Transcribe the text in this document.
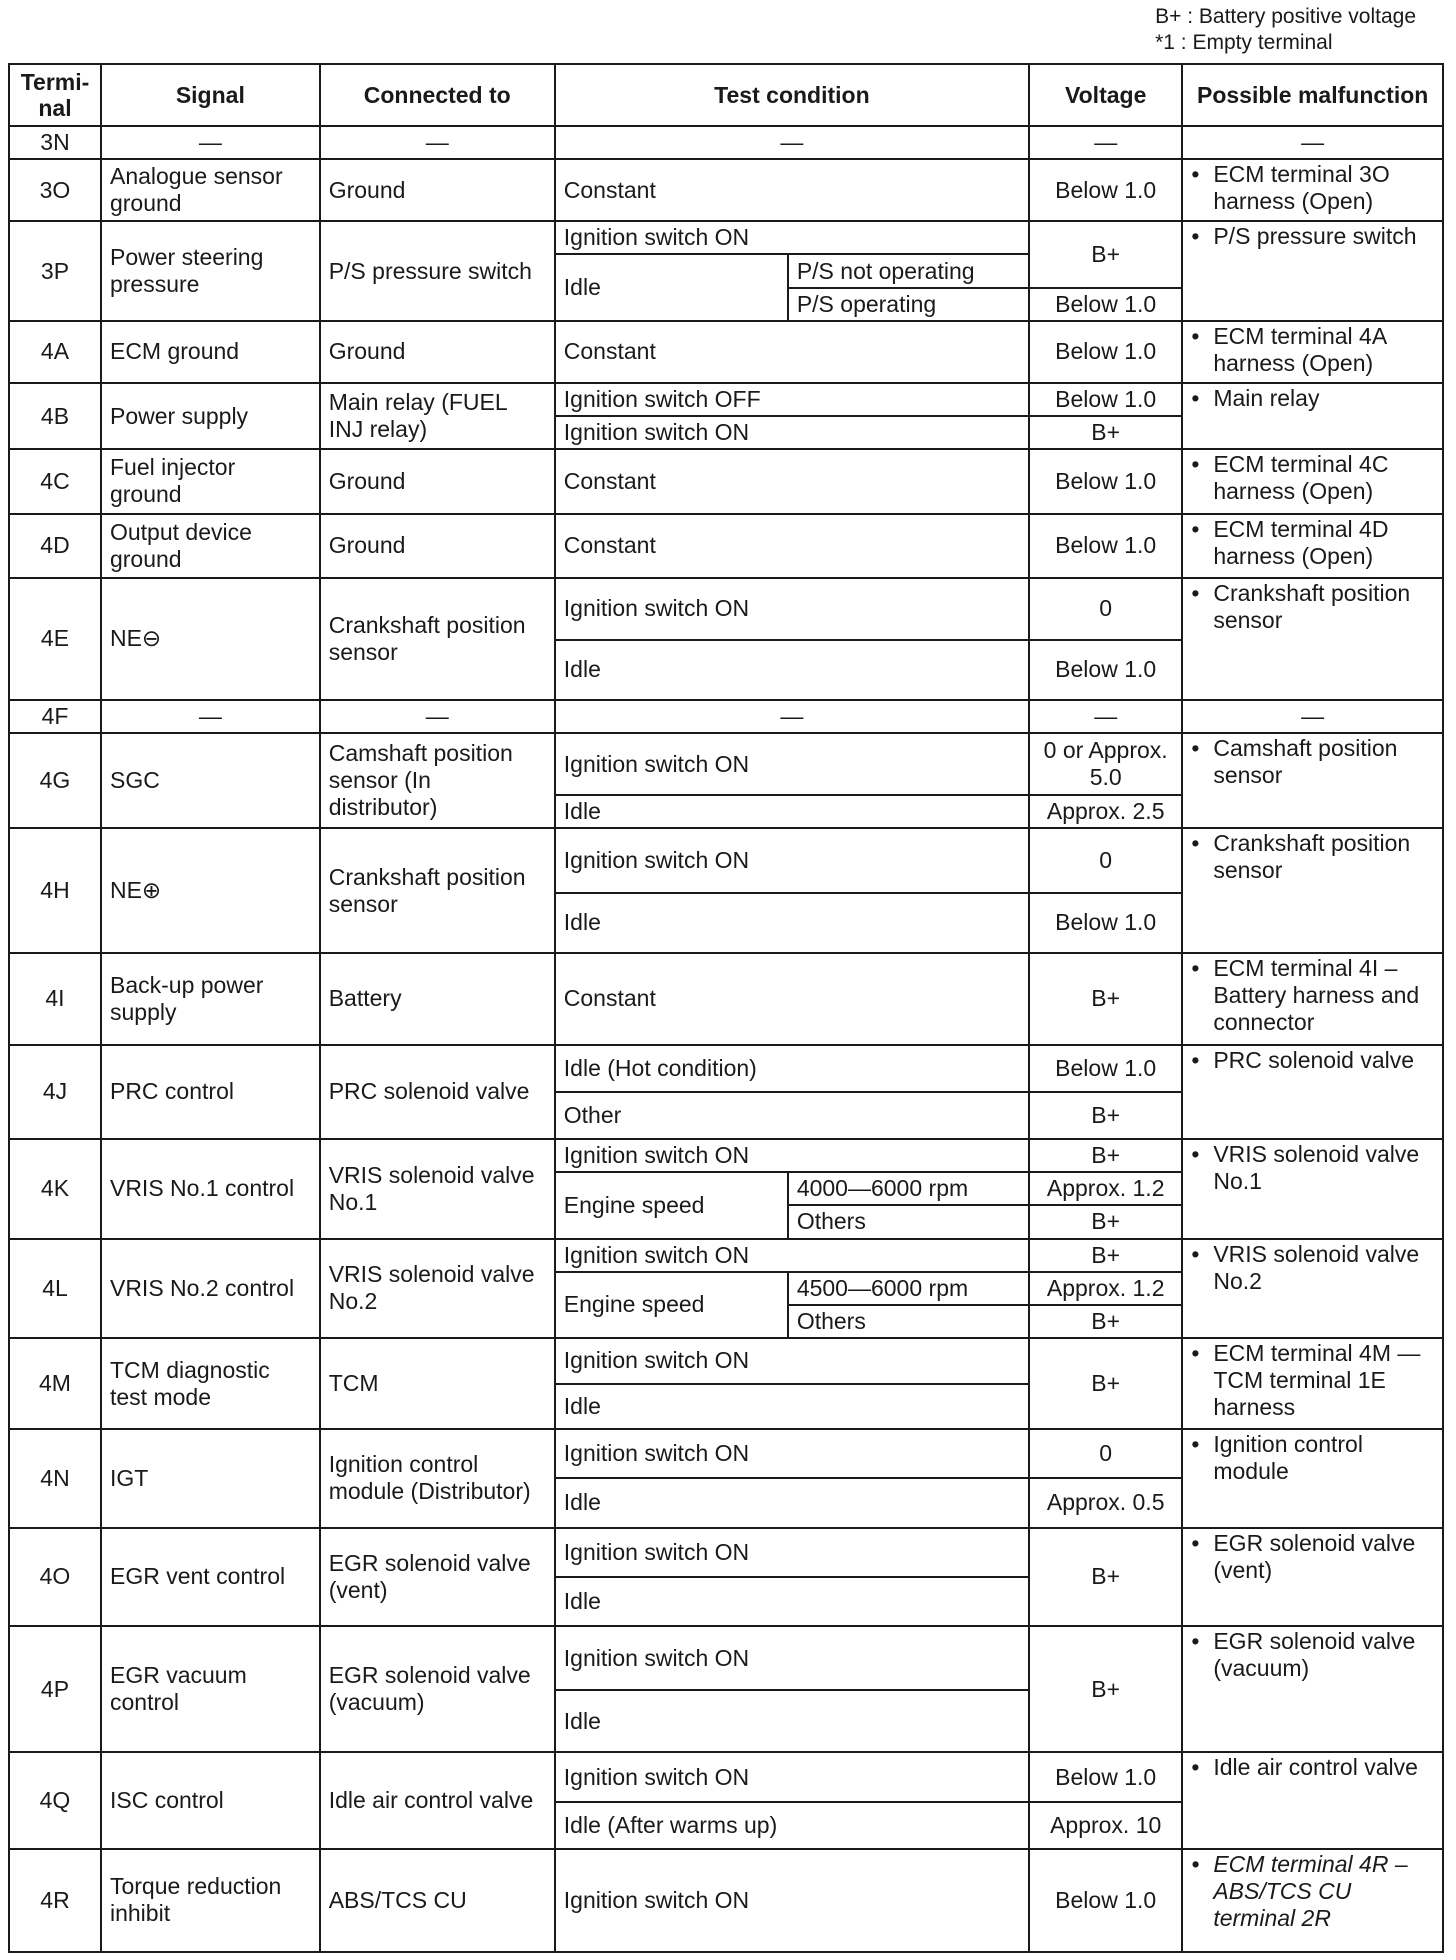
B+ : Battery positive voltage
*1 : Empty terminal
Termi-nal	Signal	Connected to	Test condition		Voltage	Possible malfunction
3N	—	—	—		—	—
3O	Analogue sensor ground	Ground	Constant		Below 1.0	• ECM terminal 3O harness (Open)

3P	Power steering pressure	P/S pressure switch	Ignition switch ON		B+	• P/S pressure switch

			Idle	P/S not operating		
				P/S operating	Below 1.0	
4A	ECM ground	Ground	Constant		Below 1.0	• ECM terminal 4A harness (Open)

4B	Power supply	Main relay (FUEL INJ relay)	Ignition switch OFF		Below 1.0	• Main relay

			Ignition switch ON		B+	
4C	Fuel injector ground	Ground	Constant		Below 1.0	• ECM terminal 4C harness (Open)

4D	Output device ground	Ground	Constant		Below 1.0	• ECM terminal 4D harness (Open)

4E	NE⊖	Crankshaft position sensor	Ignition switch ON		0	• Crankshaft position sensor

			Idle		Below 1.0	
4F	—	—	—		—	—
4G	SGC	Camshaft position sensor (In distributor)	Ignition switch ON		0 or Approx. 5.0	• Camshaft position sensor

			Idle		Approx. 2.5	
4H	NE⊕	Crankshaft position sensor	Ignition switch ON		0	• Crankshaft position sensor

			Idle		Below 1.0	
4I	Back-up power supply	Battery	Constant		B+	• ECM terminal 4I – Battery harness and connector

4J	PRC control	PRC solenoid valve	Idle (Hot condition)		Below 1.0	• PRC solenoid valve

			Other		B+	
4K	VRIS No.1 control	VRIS solenoid valve No.1	Ignition switch ON		B+	• VRIS solenoid valve No.1

			Engine speed	4000—6000 rpm	Approx. 1.2	
				Others	B+	
4L	VRIS No.2 control	VRIS solenoid valve No.2	Ignition switch ON		B+	• VRIS solenoid valve No.2

			Engine speed	4500—6000 rpm	Approx. 1.2	
				Others	B+	
4M	TCM diagnostic test mode	TCM	Ignition switch ON		B+	• ECM terminal 4M — TCM terminal 1E harness

			Idle			
4N	IGT	Ignition control module (Distributor)	Ignition switch ON		0	• Ignition control module

			Idle		Approx. 0.5	
4O	EGR vent control	EGR solenoid valve (vent)	Ignition switch ON		B+	• EGR solenoid valve (vent)

			Idle			
4P	EGR vacuum control	EGR solenoid valve (vacuum)	Ignition switch ON		B+	• EGR solenoid valve (vacuum)

			Idle			
4Q	ISC control	Idle air control valve	Ignition switch ON		Below 1.0	• Idle air control valve

			Idle (After warms up)		Approx. 10	
4R	Torque reduction inhibit	ABS/TCS CU	Ignition switch ON		Below 1.0	• ECM terminal 4R – ABS/TCS CU terminal 2R
